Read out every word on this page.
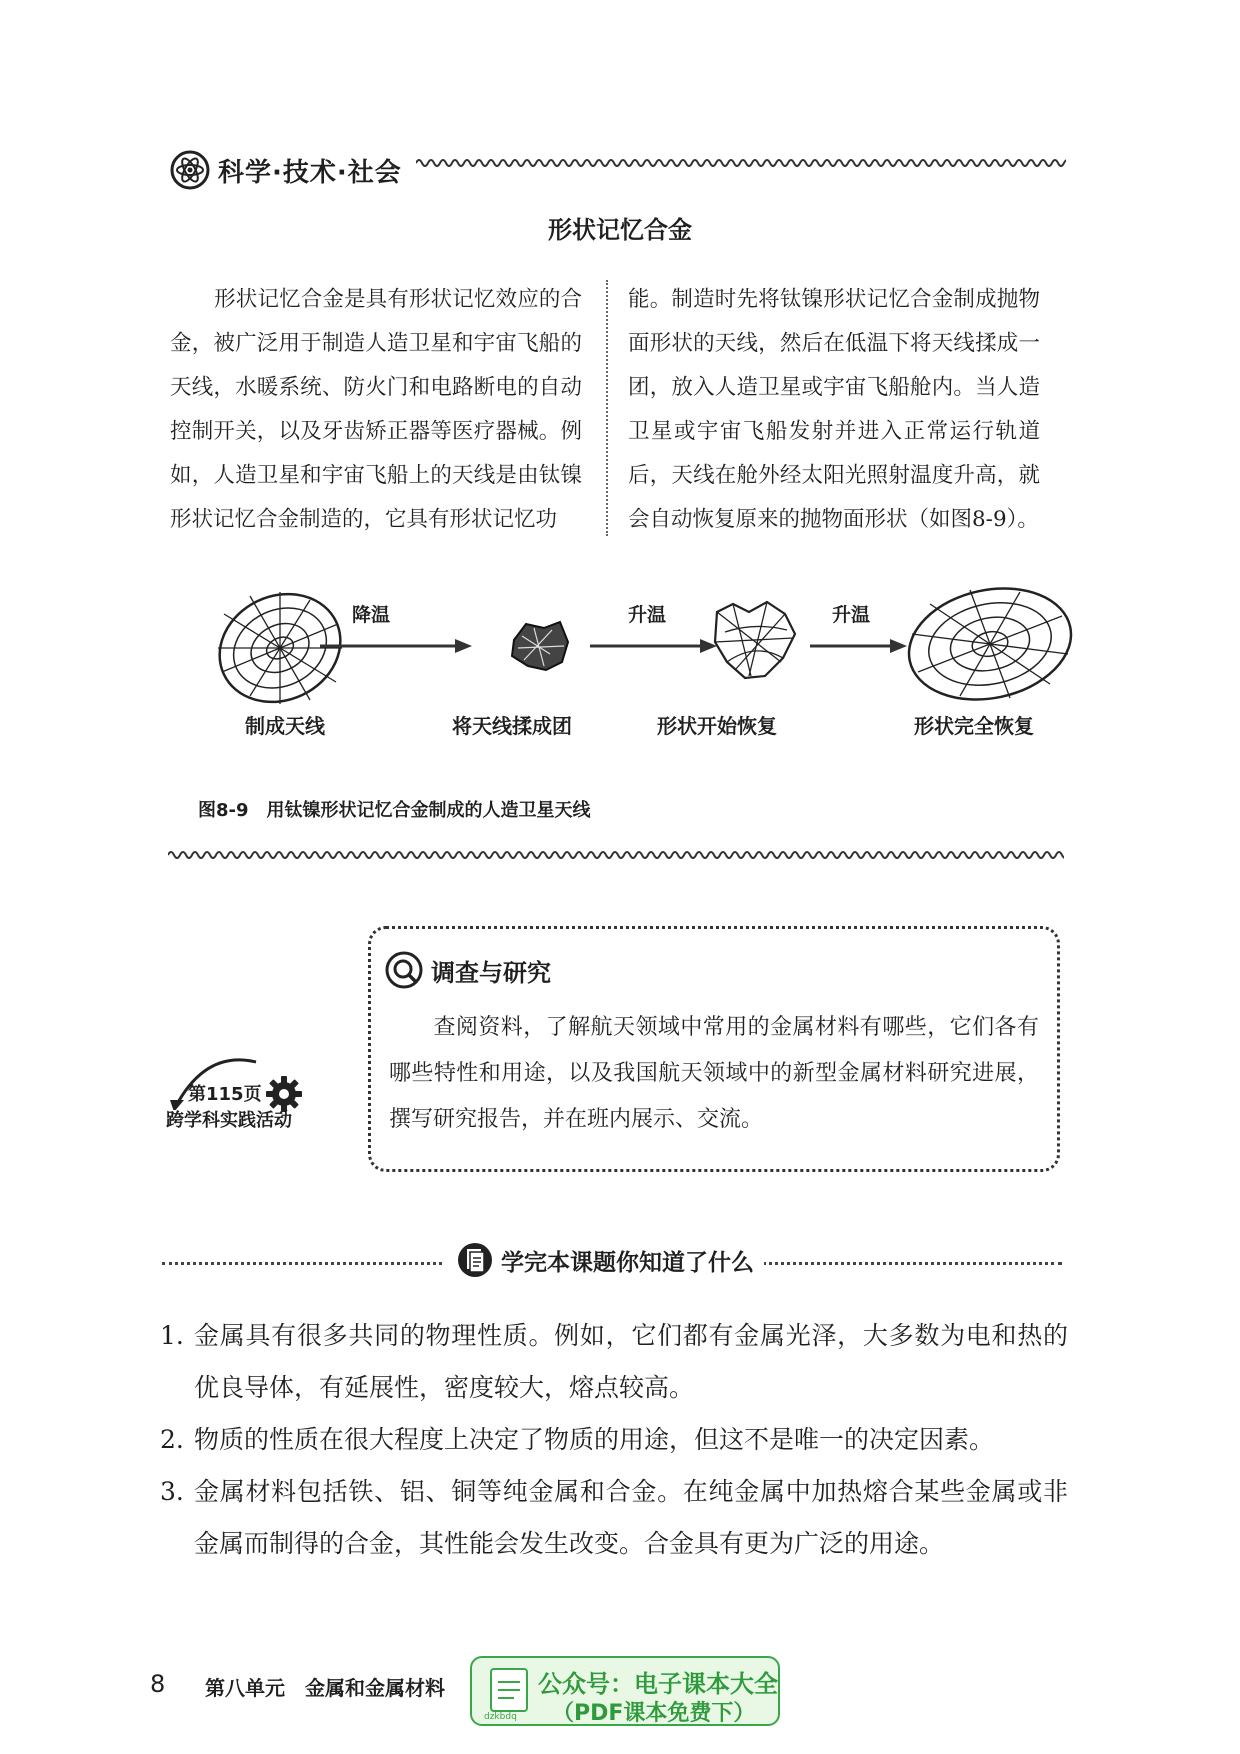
科学·技术·社会
形状记忆合金
形状记忆合金是具有形状记忆效应的合金，被广泛用于制造人造卫星和宇宙飞船的天线，水暖系统、防火门和电路断电的自动控制开关，以及牙齿矫正器等医疗器械。例如，人造卫星和宇宙飞船上的天线是由钛镍形状记忆合金制造的，它具有形状记忆功
能。制造时先将钛镍形状记忆合金制成抛物面形状的天线，然后在低温下将天线揉成一团，放入人造卫星或宇宙飞船舱内。当人造卫星或宇宙飞船发射并进入正常运行轨道后，天线在舱外经太阳光照射温度升高，就会自动恢复原来的抛物面形状（如图8-9）。
降温	升温	升温
制成天线	将天线揉成团	形状开始恢复	形状完全恢复
图8-9　用钛镍形状记忆合金制成的人造卫星天线
第115页
跨学科实践活动
调查与研究
查阅资料，了解航天领域中常用的金属材料有哪些，它们各有哪些特性和用途，以及我国航天领域中的新型金属材料研究进展，撰写研究报告，并在班内展示、交流。
学完本课题你知道了什么
1. 金属具有很多共同的物理性质。例如，它们都有金属光泽，大多数为电和热的优良导体，有延展性，密度较大，熔点较高。
2. 物质的性质在很大程度上决定了物质的用途，但这不是唯一的决定因素。
3. 金属材料包括铁、铝、铜等纯金属和合金。在纯金属中加热熔合某些金属或非金属而制得的合金，其性能会发生改变。合金具有更为广泛的用途。
8 第八单元　金属和金属材料
dzkbdq
公众号：电子课本大全
（PDF课本免费下）
